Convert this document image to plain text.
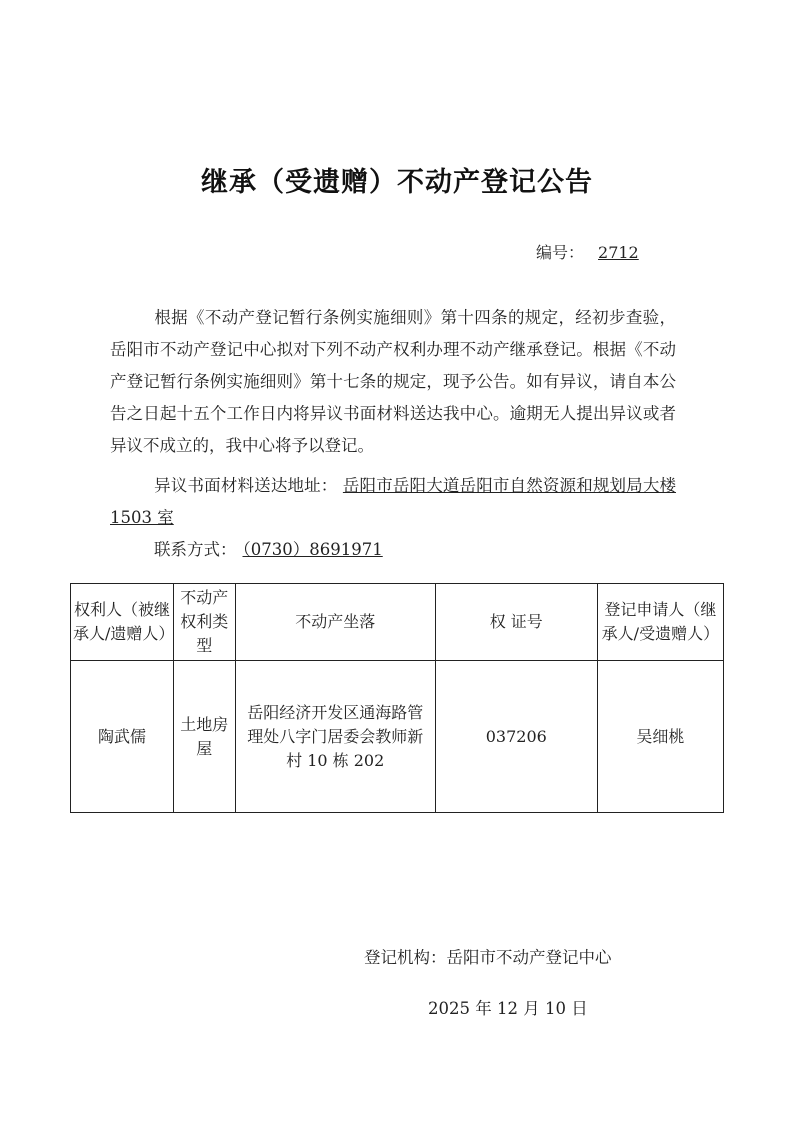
继承（受遗赠）不动产登记公告
编号： 2712
根据《不动产登记暂行条例实施细则》第十四条的规定，经初步查验，岳阳市不动产登记中心拟对下列不动产权利办理不动产继承登记。根据《不动产登记暂行条例实施细则》第十七条的规定，现予公告。如有异议，请自本公告之日起十五个工作日内将异议书面材料送达我中心。逾期无人提出异议或者异议不成立的，我中心将予以登记。
异议书面材料送达地址： 岳阳市岳阳大道岳阳市自然资源和规划局大楼 1503 室
联系方式： （0730）8691971
权利人（被继承人/遗赠人）	不动产权利类型	不动产坐落	权 证号	登记申请人（继承人/受遗赠人）
陶武儒	土地房屋	岳阳经济开发区通海路管理处八字门居委会教师新村 10 栋 202	037206	吴细桃
登记机构：岳阳市不动产登记中心
2025 年 12 月 10 日
